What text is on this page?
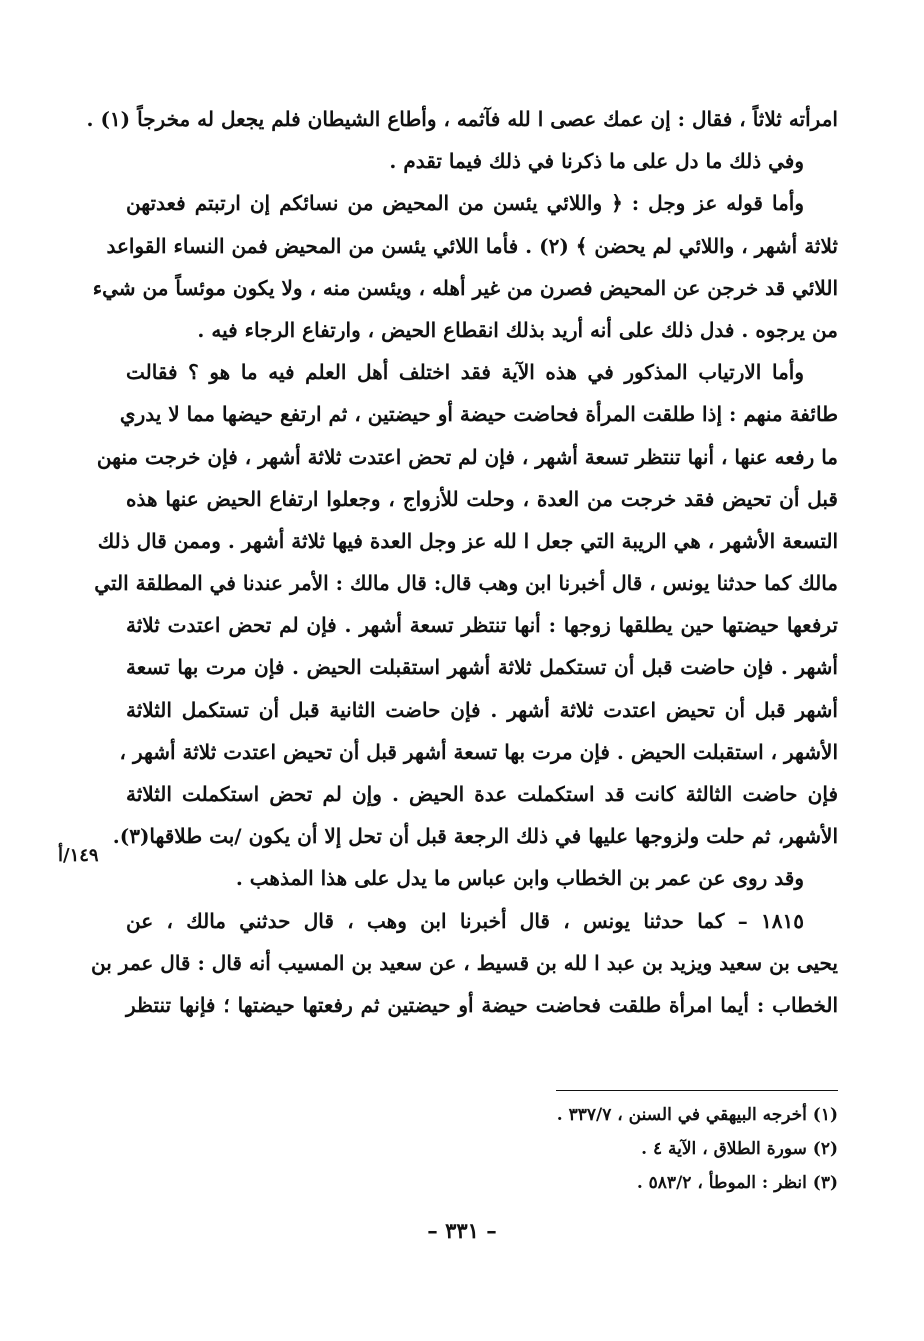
امرأته ثلاثاً ، فقال : إن عمك عصى ا لله فآثمه ، وأطاع الشيطان فلم يجعل له مخرجاً (١) .
وفي ذلك ما دل على ما ذكرنا في ذلك فيما تقدم .
وأما قوله عز وجل : ﴿ واللائي يئسن من المحيض من نسائكم إن ارتبتم فعدتهن
ثلاثة أشهر ، واللائي لم يحضن ﴾ (٢) . فأما اللائي يئسن من المحيض فمن النساء القواعد
اللائي قد خرجن عن المحيض فصرن من غير أهله ، ويئسن منه ، ولا يكون موئساً من شيء
من يرجوه . فدل ذلك على أنه أريد بذلك انقطاع الحيض ، وارتفاع الرجاء فيه .
وأما الارتياب المذكور في هذه الآية فقد اختلف أهل العلم فيه ما هو ؟ فقالت
طائفة منهم : إذا طلقت المرأة فحاضت حيضة أو حيضتين ، ثم ارتفع حيضها مما لا يدري
ما رفعه عنها ، أنها تنتظر تسعة أشهر ، فإن لم تحض اعتدت ثلاثة أشهر ، فإن خرجت منهن
قبل أن تحيض فقد خرجت من العدة ، وحلت للأزواج ، وجعلوا ارتفاع الحيض عنها هذه
التسعة الأشهر ، هي الريبة التي جعل ا لله عز وجل العدة فيها ثلاثة أشهر . وممن قال ذلك
مالك كما حدثنا يونس ، قال أخبرنا ابن وهب قال: قال مالك : الأمر عندنا في المطلقة التي
ترفعها حيضتها حين يطلقها زوجها : أنها تنتظر تسعة أشهر . فإن لم تحض اعتدت ثلاثة
أشهر . فإن حاضت قبل أن تستكمل ثلاثة أشهر استقبلت الحيض . فإن مرت بها تسعة
أشهر قبل أن تحيض اعتدت ثلاثة أشهر . فإن حاضت الثانية قبل أن تستكمل الثلاثة
الأشهر ، استقبلت الحيض . فإن مرت بها تسعة أشهر قبل أن تحيض اعتدت ثلاثة أشهر ،
فإن حاضت الثالثة كانت قد استكملت عدة الحيض . وإن لم تحض استكملت الثلاثة
الأشهر، ثم حلت ولزوجها عليها في ذلك الرجعة قبل أن تحل إلا أن يكون /بت طلاقها(٣).
وقد روى عن عمر بن الخطاب وابن عباس ما يدل على هذا المذهب .
١٨١٥ – كما حدثنا يونس ، قال أخبرنا ابن وهب ، قال حدثني مالك ، عن
يحيى بن سعيد ويزيد بن عبد ا لله بن قسيط ، عن سعيد بن المسيب أنه قال : قال عمر بن
الخطاب : أيما امرأة طلقت فحاضت حيضة أو حيضتين ثم رفعتها حيضتها ؛ فإنها تنتظر
١٤٩/أ
(١) أخرجه البيهقي في السنن ، ٣٣٧/٧ .
(٢) سورة الطلاق ، الآية ٤ .
(٣) انظر : الموطأ ، ٥٨٣/٢ .
– ٣٣١ –
